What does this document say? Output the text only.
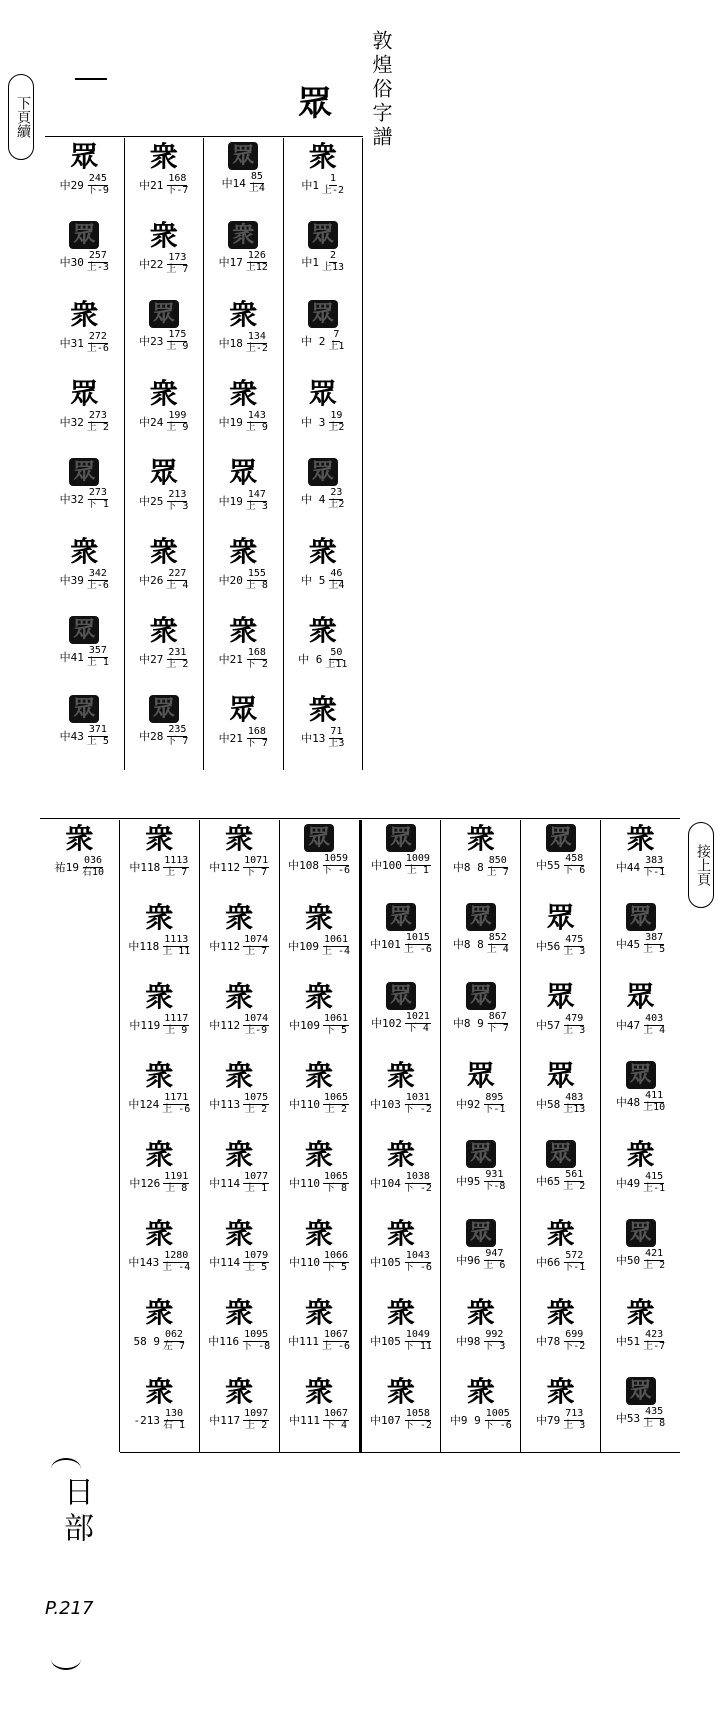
敦煌俗字譜
下頁續
接上頁
眾
眾
中$29 \frac{245}{\text{下-9}}$
眾
中$30 \frac{257}{\text{上-3}}$
衆
中$31 \frac{272}{\text{上-6}}$
眾
中$32 \frac{273}{\text{上 2}}$
眾
中$32 \frac{273}{\text{下 1}}$
衆
中$39 \frac{342}{\text{上-6}}$
眾
中$41 \frac{357}{\text{上 1}}$
眾
中$43 \frac{371}{\text{上 5}}$
衆
中$21 \frac{168}{\text{下-7}}$
衆
中$22 \frac{173}{\text{上 7}}$
眾
中$23 \frac{175}{\text{上 9}}$
衆
中$24 \frac{199}{\text{上 9}}$
眾
中$25 \frac{213}{\text{下 3}}$
衆
中$26 \frac{227}{\text{上 4}}$
衆
中$27 \frac{231}{\text{上 2}}$
眾
中$28 \frac{235}{\text{下 7}}$
眾
中$14 \frac{85}{\text{上4}}$
衆
中$17 \frac{126}{\text{上12}}$
衆
中$18 \frac{134}{\text{上-2}}$
衆
中$19 \frac{143}{\text{上 9}}$
眾
中$19 \frac{147}{\text{上 3}}$
衆
中$20 \frac{155}{\text{上 8}}$
衆
中$21 \frac{168}{\text{下 2}}$
眾
中$21 \frac{168}{\text{下 7}}$
衆
中$1 \frac{1}{\text{上-2}}$
眾
中$1 \frac{2}{\text{上13}}$
眾
中 $2 \frac{7}{\text{上1}}$
眾
中 $3 \frac{19}{\text{上2}}$
眾
中 $4 \frac{23}{\text{上2}}$
衆
中 $5 \frac{46}{\text{上4}}$
衆
中 $6 \frac{50}{\text{上11}}$
衆
中$13 \frac{71}{\text{上3}}$
衆
祐$19 \frac{036}{\text{右10}}$
衆
中$118 \frac{1113}{\text{上 7}}$
衆
中$118 \frac{1113}{\text{上 11}}$
衆
中$119 \frac{1117}{\text{上 9}}$
衆
中$124 \frac{1171}{\text{上 -6}}$
衆
中$126 \frac{1191}{\text{上 8}}$
衆
中$143 \frac{1280}{\text{上 -4}}$
衆
58 $9 \frac{062}{\text{左 7}}$
衆
$-213 \frac{130}{\text{右 1}}$
衆
中$112 \frac{1071}{\text{下 7}}$
衆
中$112 \frac{1074}{\text{上 7}}$
衆
中$112 \frac{1074}{\text{上-9}}$
衆
中$113 \frac{1075}{\text{上 2}}$
衆
中$114 \frac{1077}{\text{上 1}}$
衆
中$114 \frac{1079}{\text{上 5}}$
衆
中$116 \frac{1095}{\text{下 -8}}$
衆
中$117 \frac{1097}{\text{上 2}}$
眾
中$108 \frac{1059}{\text{下 -6}}$
衆
中$109 \frac{1061}{\text{上 -4}}$
衆
中$109 \frac{1061}{\text{下 5}}$
衆
中$110 \frac{1065}{\text{上 2}}$
衆
中$110 \frac{1065}{\text{下 8}}$
衆
中$110 \frac{1066}{\text{下 5}}$
衆
中$111 \frac{1067}{\text{上 -6}}$
衆
中$111 \frac{1067}{\text{下 4}}$
眾
中$100 \frac{1009}{\text{上 1}}$
眾
中$101 \frac{1015}{\text{上 -6}}$
眾
中$102 \frac{1021}{\text{下 4}}$
衆
中$103 \frac{1031}{\text{下 -2}}$
衆
中$104 \frac{1038}{\text{下 -2}}$
衆
中$105 \frac{1043}{\text{下 -6}}$
衆
中$105 \frac{1049}{\text{下 11}}$
衆
中$107 \frac{1058}{\text{下 -2}}$
衆
中8 $8 \frac{850}{\text{上 7}}$
眾
中8 $8 \frac{852}{\text{上 4}}$
眾
中8 $9 \frac{867}{\text{下 7}}$
眾
中$92 \frac{895}{\text{下-1}}$
眾
中$95 \frac{931}{\text{下-8}}$
眾
中$96 \frac{947}{\text{上 6}}$
衆
中$98 \frac{992}{\text{下 3}}$
衆
中9 $9 \frac{1005}{\text{下 -6}}$
眾
中$55 \frac{458}{\text{下 6}}$
眾
中$56 \frac{475}{\text{上 3}}$
眾
中$57 \frac{479}{\text{上 3}}$
眾
中$58 \frac{483}{\text{上13}}$
眾
中$65 \frac{561}{\text{上 2}}$
衆
中$66 \frac{572}{\text{下-1}}$
衆
中$78 \frac{699}{\text{下-2}}$
衆
中$79 \frac{713}{\text{上 3}}$
衆
中$44 \frac{383}{\text{下-1}}$
眾
中$45 \frac{387}{\text{上 5}}$
眾
中$47 \frac{403}{\text{上 4}}$
眾
中$48 \frac{411}{\text{上10}}$
衆
中$49 \frac{415}{\text{上-1}}$
眾
中$50 \frac{421}{\text{上 2}}$
衆
中$51 \frac{423}{\text{上-7}}$
眾
中$53 \frac{435}{\text{上 8}}$
日部
P.217
